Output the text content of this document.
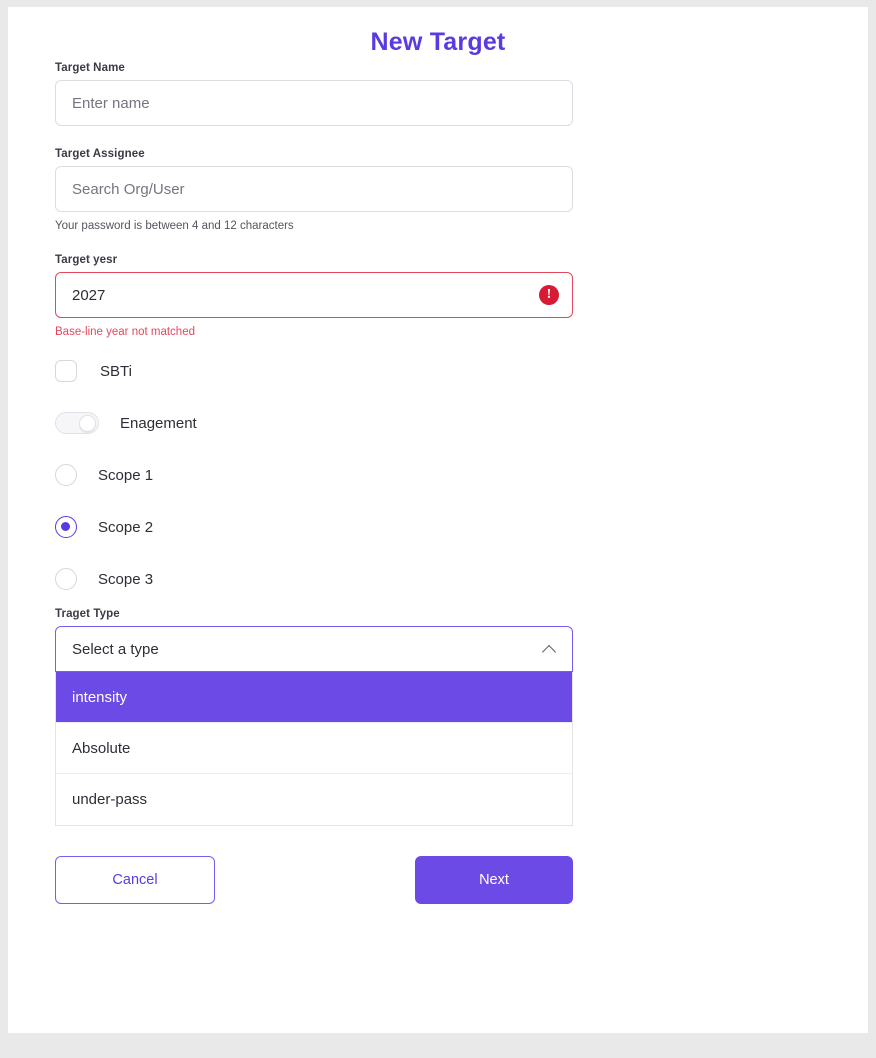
New Target
Target Name
Enter name
Target Assignee
Search Org/User
Your password is between 4 and 12 characters
Target yesr
2027
!
Base-line year not matched
SBTi
Enagement
Scope 1
Scope 2
Scope 3
Traget Type
Select a type
intensity
Absolute
under-pass
Cancel	Next
